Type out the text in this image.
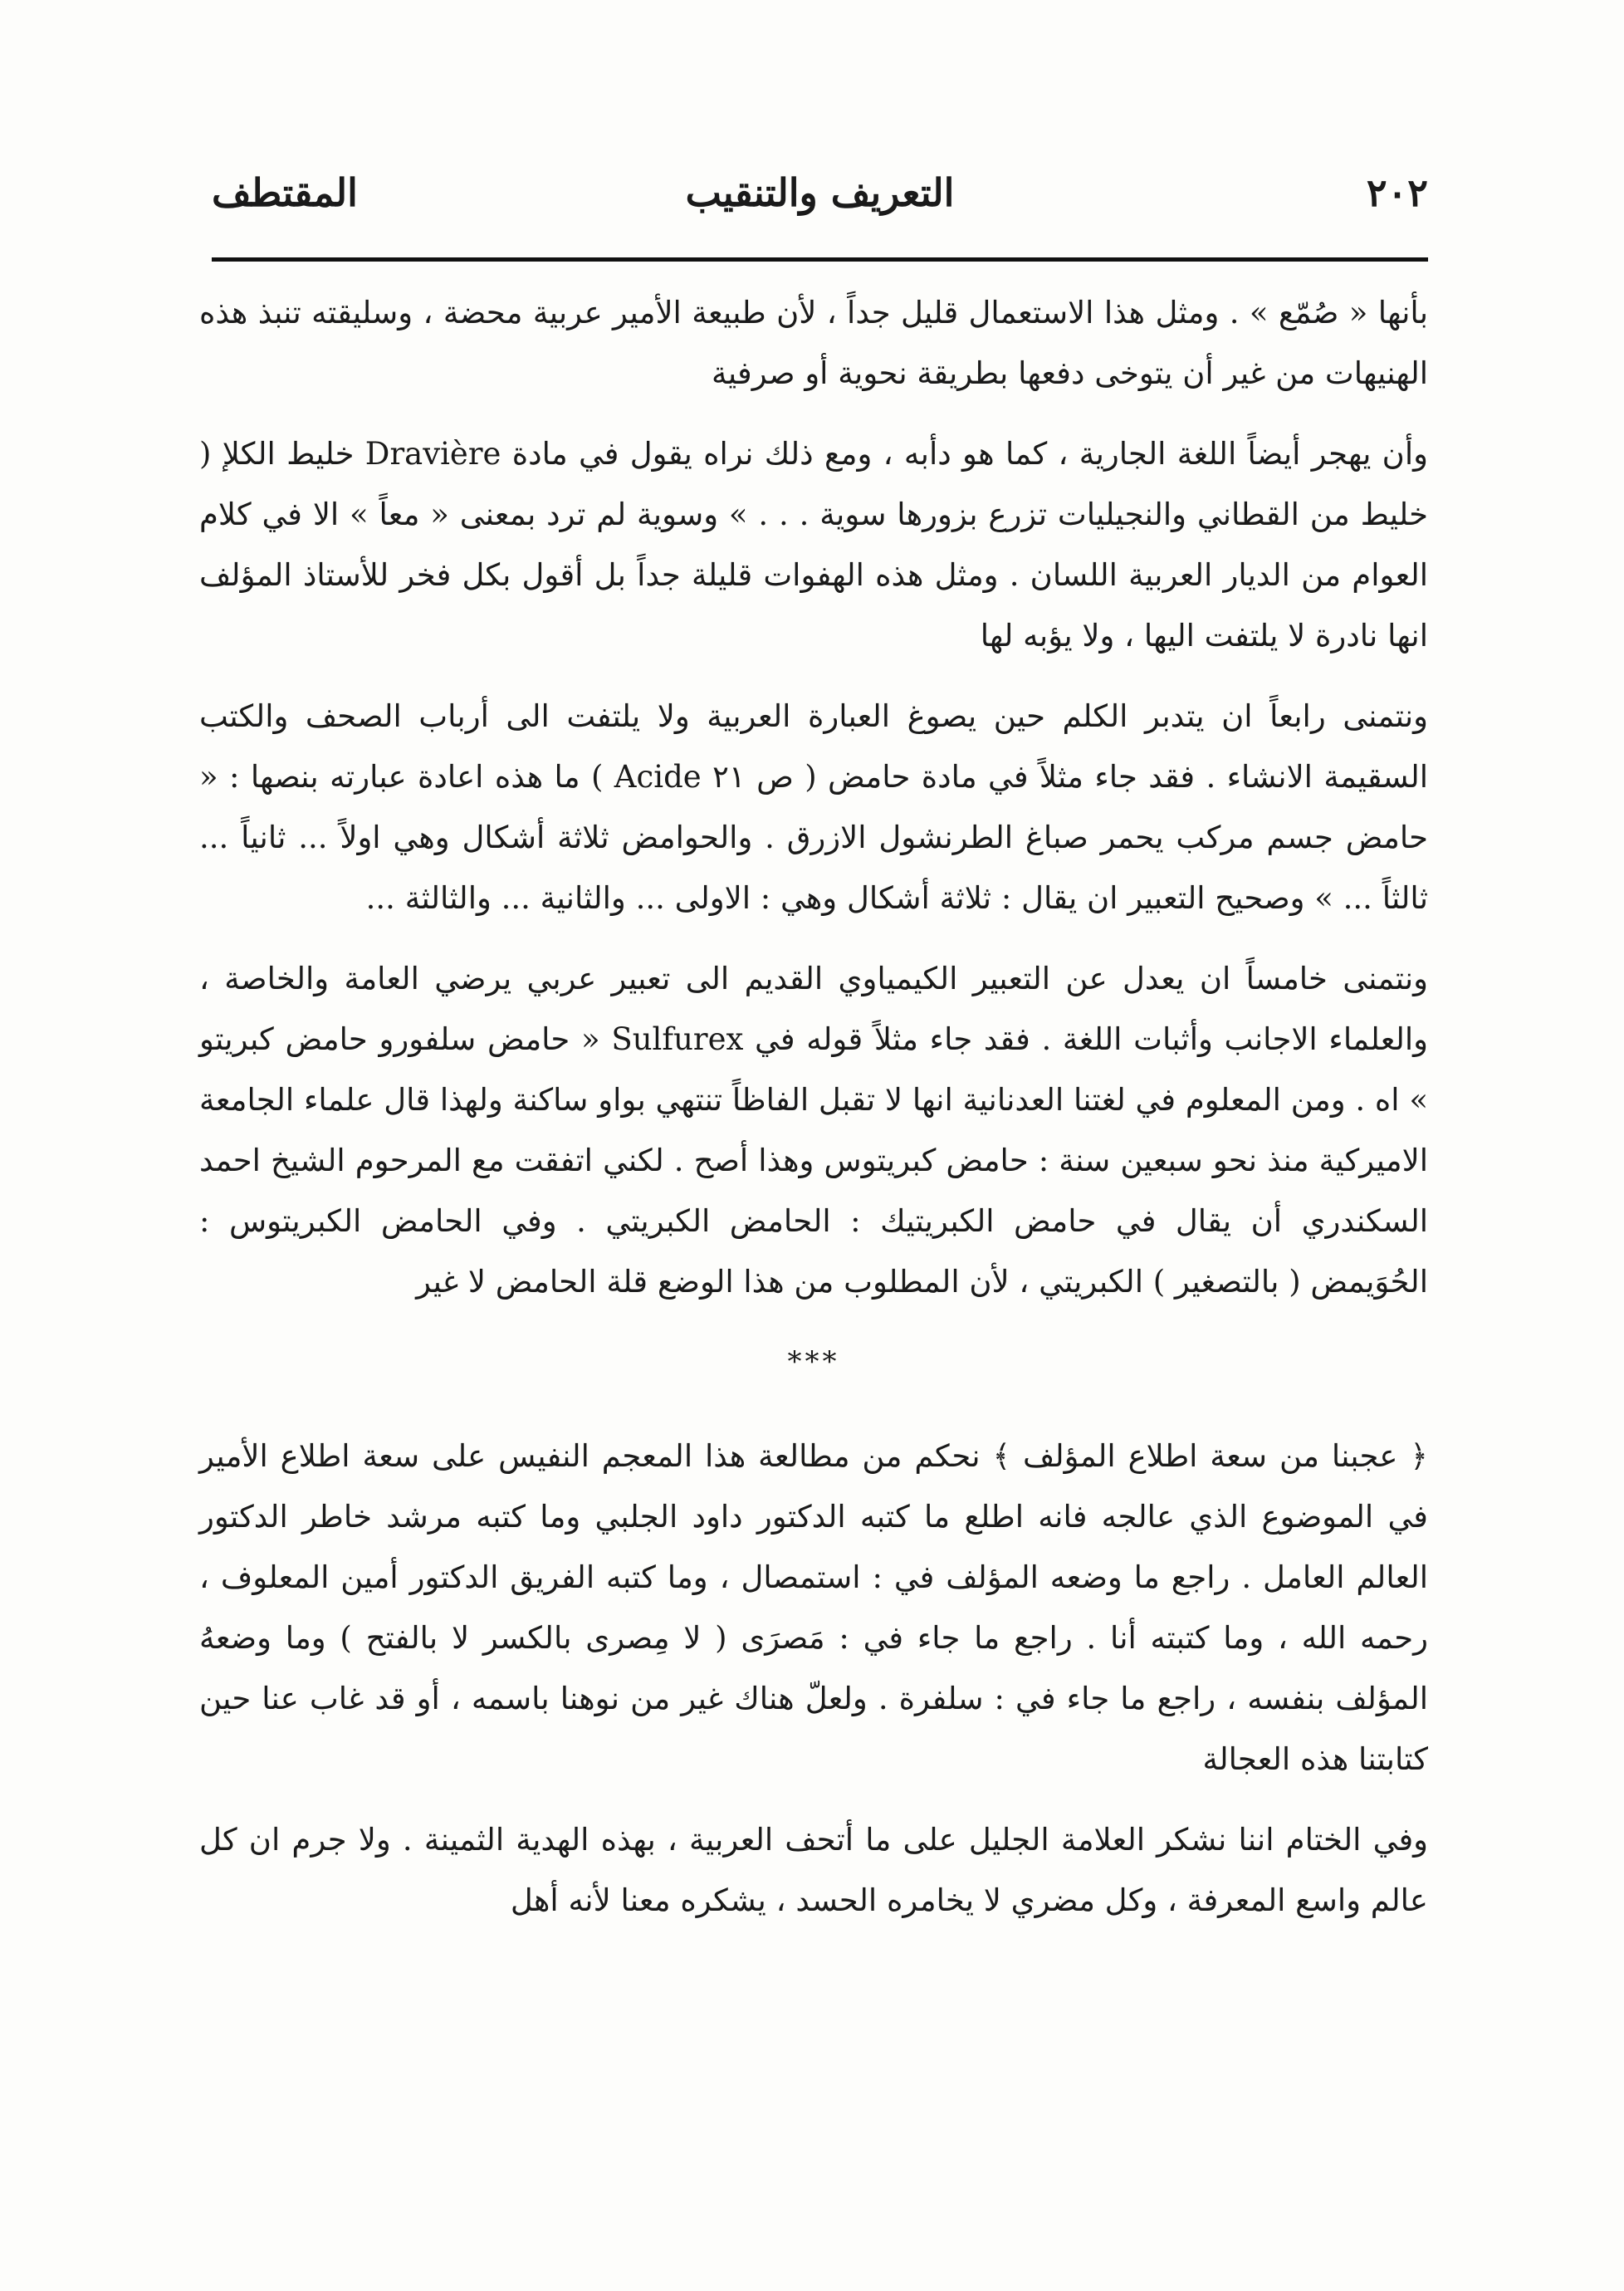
٢٠٢
التعريف والتنقيب
المقتطف

بأنها « صُمّع » . ومثل هذا الاستعمال قليل جداً ، لأن طبيعة الأمير عربية محضة ، وسليقته تنبذ هذه الهنيهات من غير أن يتوخى دفعها بطريقة نحوية أو صرفية

وأن يهجر أيضاً اللغة الجارية ، كما هو دأبه ، ومع ذلك نراه يقول في مادة Dravière خليط الكلإ ( خليط من القطاني والنجيليات تزرع بزورها سوية . . . » وسوية لم ترد بمعنى « معاً » الا في كلام العوام من الديار العربية اللسان . ومثل هذه الهفوات قليلة جداً بل أقول بكل فخر للأستاذ المؤلف انها نادرة لا يلتفت اليها ، ولا يؤبه لها

ونتمنى رابعاً ان يتدبر الكلم حين يصوغ العبارة العربية ولا يلتفت الى أرباب الصحف والكتب السقيمة الانشاء . فقد جاء مثلاً في مادة حامض ( ص ٢١ Acide ) ما هذه اعادة عبارته بنصها : « حامض جسم مركب يحمر صباغ الطرنشول الازرق . والحوامض ثلاثة أشكال وهي اولاً ... ثانياً ... ثالثاً ... » وصحيح التعبير ان يقال : ثلاثة أشكال وهي : الاولى ... والثانية ... والثالثة ...

ونتمنى خامساً ان يعدل عن التعبير الكيمياوي القديم الى تعبير عربي يرضي العامة والخاصة ، والعلماء الاجانب وأثبات اللغة . فقد جاء مثلاً قوله في Sulfurex « حامض سلفورو حامض كبريتو » اه . ومن المعلوم في لغتنا العدنانية انها لا تقبل الفاظاً تنتهي بواو ساكنة ولهذا قال علماء الجامعة الاميركية منذ نحو سبعين سنة : حامض كبريتوس وهذا أصح . لكني اتفقت مع المرحوم الشيخ احمد السكندري أن يقال في حامض الكبريتيك : الحامض الكبريتي . وفي الحامض الكبريتوس : الحُوَيمض ( بالتصغير ) الكبريتي ، لأن المطلوب من هذا الوضع قلة الحامض لا غير

***

﴿ عجبنا من سعة اطلاع المؤلف ﴾ نحكم من مطالعة هذا المعجم النفيس على سعة اطلاع الأمير في الموضوع الذي عالجه فانه اطلع ما كتبه الدكتور داود الجلبي وما كتبه مرشد خاطر الدكتور العالم العامل . راجع ما وضعه المؤلف في : استمصال ، وما كتبه الفريق الدكتور أمين المعلوف ، رحمه الله ، وما كتبته أنا . راجع ما جاء في : مَصرَى ( لا مِصرى بالكسر لا بالفتح ) وما وضعهُ المؤلف بنفسه ، راجع ما جاء في : سلفرة . ولعلّ هناك غير من نوهنا باسمه ، أو قد غاب عنا حين كتابتنا هذه العجالة

وفي الختام اننا نشكر العلامة الجليل على ما أتحف العربية ، بهذه الهدية الثمينة . ولا جرم ان كل عالم واسع المعرفة ، وكل مضري لا يخامره الحسد ، يشكره معنا لأنه أهل
